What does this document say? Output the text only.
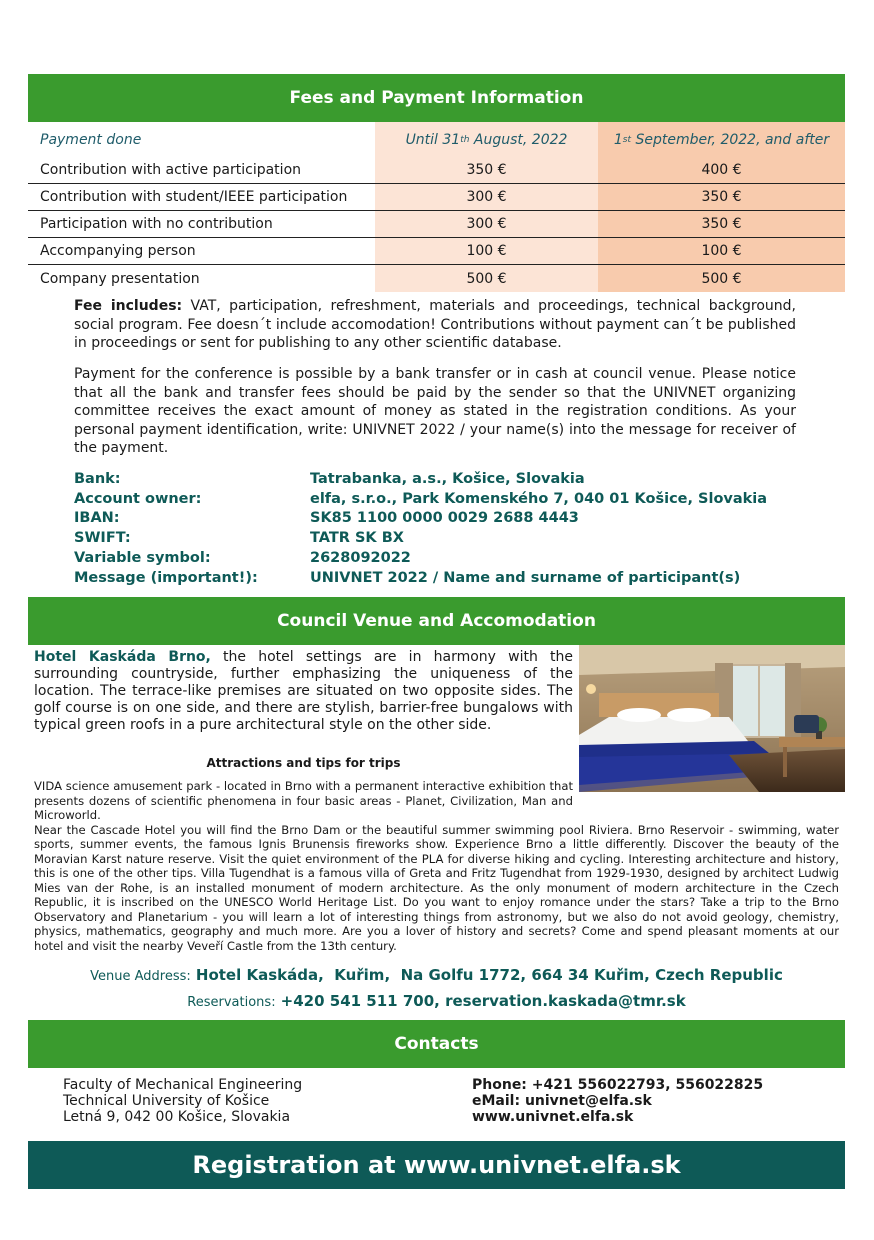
Fees and Payment Information
Payment done	Until 31 th August, 2022	1 st September, 2022, and after
Contribution with active participation	350 €	400 €
Contribution with student/IEEE participation	300 €	350 €
Participation with no contribution	300 €	350 €
Accompanying person	100 €	100 €
Company presentation	500 €	500 €

Fee includes: VAT, participation, refreshment, materials and proceedings, technical background, social program. Fee doesn´t include accomodation! Contributions without payment can´t be published in proceedings or sent for publishing to any other scientific database.

Payment for the conference is possible by a bank transfer or in cash at council venue. Please notice that all the bank and transfer fees should be paid by the sender so that the UNIVNET organizing committee receives the exact amount of money as stated in the registration conditions. As your personal payment identification, write: UNIVNET 2022 / your name(s) into the message for receiver of the payment.

Bank:	Tatrabanka, a.s., Košice, Slovakia
Account owner:	elfa, s.r.o., Park Komenského 7, 040 01 Košice, Slovakia
IBAN:	SK85 1100 0000 0029 2688 4443
SWIFT:	TATR SK BX
Variable symbol:	2628092022
Message (important!):	UNIVNET 2022 / Name and surname of participant(s)
Council Venue and Accomodation

Hotel Kaskáda Brno, the hotel settings are in harmony with the surrounding countryside, further emphasizing the uniqueness of the location. The terrace-like premises are situated on two opposite sides. The golf course is on one side, and there are stylish, barrier-free bungalows with typical green roofs in a pure architectural style on the other side.

Attractions and tips for trips

VIDA science amusement park - located in Brno with a permanent interactive exhibition that presents dozens of scientific phenomena in four basic areas - Planet, Civilization, Man and Microworld.
Near the Cascade Hotel you will find the Brno Dam or the beautiful summer swimming pool Riviera. Brno Reservoir - swimming, water sports, summer events, the famous Ignis Brunensis fireworks show. Experience Brno a little differently. Discover the beauty of the Moravian Karst nature reserve. Visit the quiet environment of the PLA for diverse hiking and cycling. Interesting architecture and history, this is one of the other tips. Villa Tugendhat is a famous villa of Greta and Fritz Tugendhat from 1929-1930, designed by architect Ludwig Mies van der Rohe, is an installed monument of modern architecture. As the only monument of modern architecture in the Czech Republic, it is inscribed on the UNESCO World Heritage List. Do you want to enjoy romance under the stars? Take a trip to the Brno Observatory and Planetarium - you will learn a lot of interesting things from astronomy, but we also do not avoid geology, chemistry, physics, mathematics, geography and much more. Are you a lover of history and secrets? Come and spend pleasant moments at our hotel and visit the nearby Veveří Castle from the 13th century.

Venue Address: Hotel Kaskáda,  Kuřim,  Na Golfu 1772, 664 34 Kuřim, Czech Republic
Reservations: +420 541 511 700, reservation.kaskada@tmr.sk
Contacts
Faculty of Mechanical Engineering
Technical University of Košice
Letná 9, 042 00 Košice, Slovakia
Phone: +421 556022793, 556022825
eMail: univnet@elfa.sk
www.univnet.elfa.sk
Registration at www.univnet.elfa.sk
